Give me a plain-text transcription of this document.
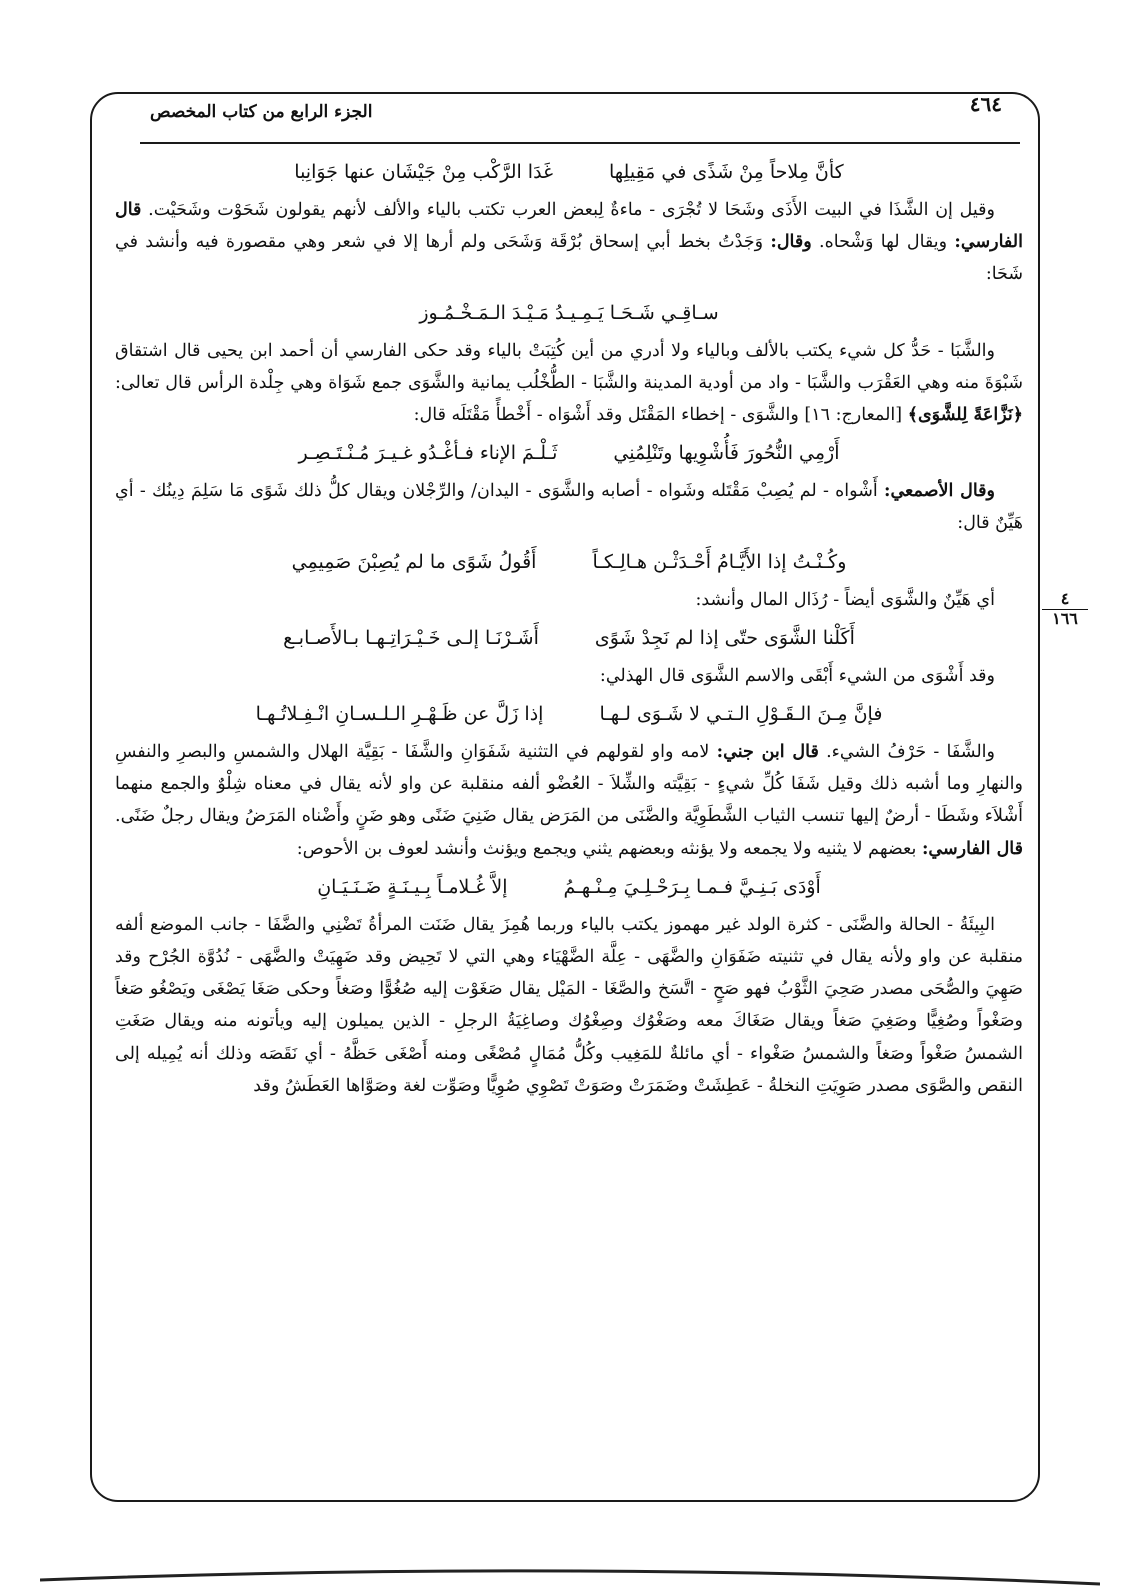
٤٦٤
الجزء الرابع من كتاب المخصص
٤
١٦٦
كأنَّ مِلاحاً مِنْ شَذًى في مَقِيلِها
غَدَا الرَّكْب مِنْ جَيْشَان عنها جَوَانِبا

وقيل إن الشَّذَا في البيت الأَذَى وشَحَا لا تُجْرَى - ماءةٌ لِبعض العرب تكتب بالياء والألف لأنهم يقولون شَحَوْت وشَحَيْت. قال الفارسي: ويقال لها وَشْحاه. وقال: وَجَدْتُ بخط أبي إسحاق بُرْقَة وَشَحَى ولم أرها إلا في شعر وهي مقصورة فيه وأنشد في شَحَا:

سـاقِـي شَـحَـا يَـمِـيـدُ مَـيْـدَ الـمَـخْـمُـوز

والشَّبَا - حَدُّ كل شيء يكتب بالألف وبالياء ولا أدري من أين كُتِبَتْ بالياء وقد حكى الفارسي أن أحمد ابن يحيى قال اشتقاق شَبْوَةَ منه وهي العَقْرَب والشَّبَا - واد من أودية المدينة والشَّبَا - الطُّخْلُب يمانية والشَّوَى جمع شَوَاة وهي جِلْدة الرأس قال تعالى: ﴿نَزَّاعَةً لِلشَّوَى﴾ [المعارج: ١٦] والشَّوَى - إخطاء المَقْتَل وقد أَشْوَاه - أَخْطأً مَقْتَلَه قال:

أَرْمِي النُّحُورَ فَأُشْوِيها وتَنْلِمُنِي
ثَـلْـمَ الإناء فـأغْـدُو غـيـرَ مُـنْـتَـصِـر

وقال الأصمعي: أَشْواه - لم يُصِبْ مَقْتَله وشَواه - أصابه والشَّوَى - اليدان/ والرِّجْلان ويقال كلُّ ذلك شَوًى مَا سَلِمَ دِينُك - أي هَيِّنٌ قال:

وكُـنْـتُ إذا الأَيَّـامُ أَحْـدَثْـن هـالِـكـاً
أَقُولُ شَوًى ما لم يُصِبْنَ صَمِيمِي

أي هَيِّنٌ والشَّوَى أيضاً - رُذَال المال وأنشد:

أَكَلْنا الشَّوَى حتّى إذا لم نَجِدْ شَوًى
أَشَـرْنَـا إلـى خَـيْـرَاتِـهـا بـالأَصـابـع

وقد أَشْوَى من الشيء أَبْقَى والاسم الشَّوَى قال الهذلي:

فإنَّ مِـنَ الـقَـوْلِ الـتـي لا شَـوَى لـهـا
إذا زَلَّ عن ظَـهْـرِ الـلـسـانِ انْـفِـلاتُـهـا

والشَّفَا - حَرْفُ الشيء. قال ابن جني: لامه واو لقولهم في التثنية شَفَوَانِ والشَّفَا - بَقِيَّة الهلال والشمسِ والبصرِ والنفسِ والنهارِ وما أشبه ذلك وقيل شَفَا كُلِّ شيءٍ - بَقِيَّته والشِّلاَ - العُضْو ألفه منقلبة عن واو لأنه يقال في معناه شِلْوٌ والجمع منهما أَشْلاَء وشَطَا - أرضٌ إليها تنسب الثياب الشَّطَوِيَّة والضَّنَى من المَرَض يقال ضَنِيَ ضَنًى وهو ضَنٍ وأَضْناه المَرَضُ ويقال رجلٌ ضَنًى. قال الفارسي: بعضهم لا يثنيه ولا يجمعه ولا يؤنثه وبعضهم يثني ويجمع ويؤنث وأنشد لعوف بن الأحوص:

أَوْدَى بَـنِـيَّ فـمـا بِـرَحْـلِـيَ مِـنْـهـمُ
إلاَّ غُـلامـاً بِـيـنَـةٍ ضَـنَـيَـانِ

البِيئَةُ - الحالة والضَّنَى - كثرة الولد غير مهموز يكتب بالياء وربما هُمِزَ يقال ضَنَت المرأةُ تَضْنِي والضَّفَا - جانب الموضع ألفه منقلبة عن واو ولأنه يقال في تثنيته ضَفَوَانِ والضَّهَى - عِلَّة الضَّهْيَاء وهي التي لا تَحِيض وقد ضَهِيَتْ والضَّهَى - نُدُوَّة الجُرْح وقد صَهِيَ والصُّحَى مصدر صَحِيَ الثَّوْبُ فهو صَحٍ - اتَّسَخ والصَّغَا - المَيْل يقال صَغَوْت إليه صُغُوًّا وصَغاً وحكى صَغَا يَصْغَى ويَصْغُو صَغاً وصَغْواً وصُغِيًّا وصَغِيَ صَغاً ويقال صَغَاكَ معه وصَغْوُك وصِغْوُك وصاغِيَةُ الرجلِ - الذين يميلون إليه ويأتونه منه ويقال صَغَتِ الشمسُ صَغْواً وصَغاً والشمسُ صَغْواء - أي مائلةٌ للمَغِيب وكُلُّ مُمَالٍ مُصْغًى ومنه أَصْغَى حَظَّهُ - أي نَقَصَه وذلك أنه يُمِيله إلى النقص والصَّوَى مصدر صَوِيَتِ النخلةُ - عَطِشَتْ وضَمَرَتْ وصَوَتْ تَصْوِي صُوِيًّا وصَوِّت لغة وصَوَّاها العَطَشُ وقد
